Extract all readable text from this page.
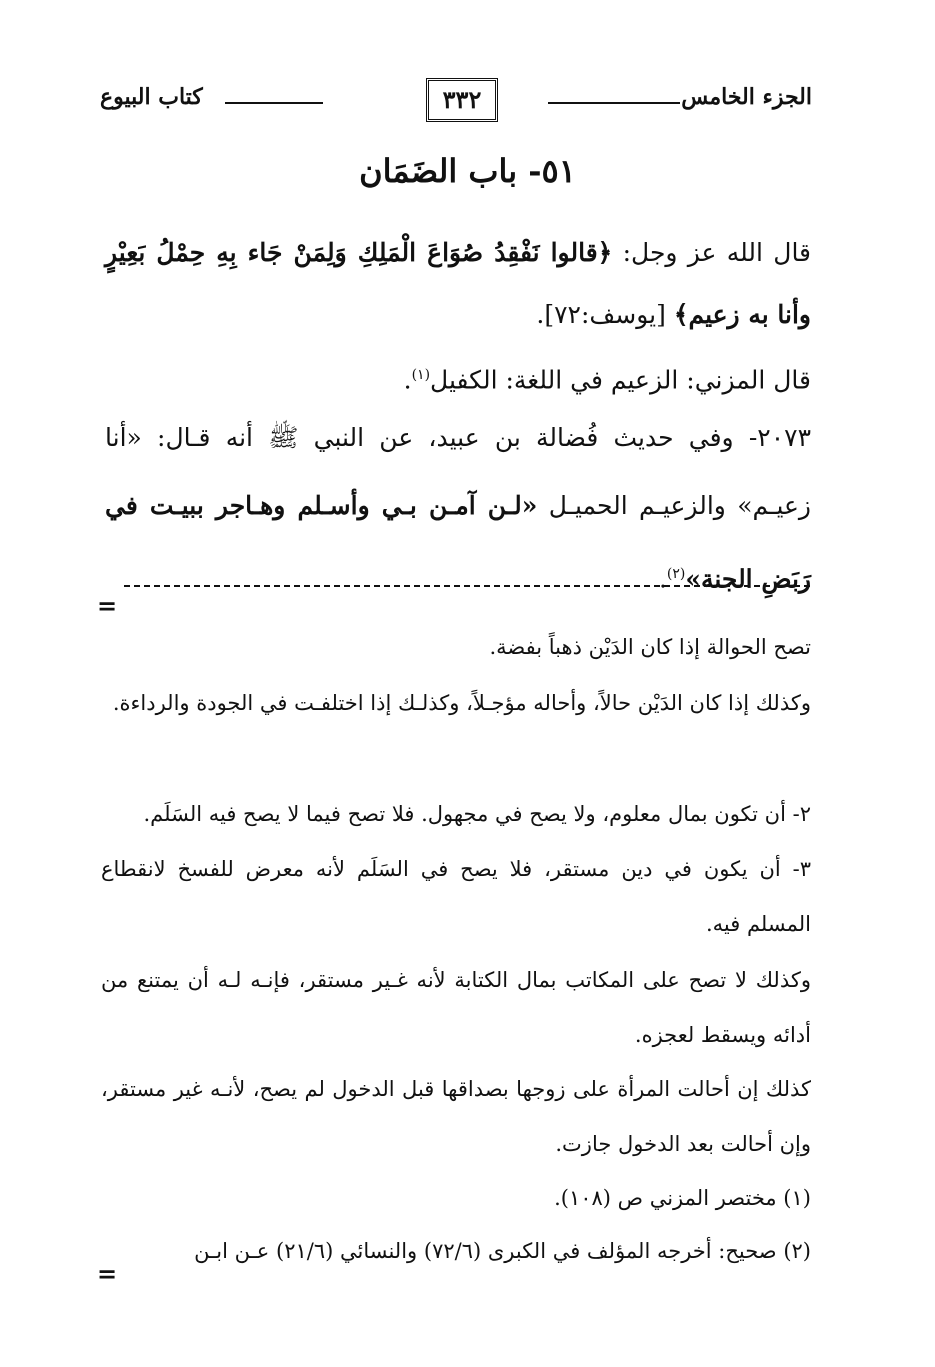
الجزء الخامس
٣٣٢
كتاب البيوع
٥١- باب الضَمَان
قال الله عز وجل: ﴿قالوا نَفْقِدُ صُوَاعَ الْمَلِكِ وَلِمَنْ جَاء بِهِ حِمْلُ بَعِيْرٍ وأنا به زعيم﴾ [يوسف:٧٢].
قال المزني: الزعيم في اللغة: الكفيل$^{(١)}$.
٢٠٧٣- وفي حديث فُضالة بن عبيد، عن النبي ﷺ أنه قـال: «أنا زعيـم» والزعيـم الحميـل «لـن آمـن بـي وأسـلم وهـاجر ببيـت في رَبَضِ الجنة»$^{(٢)}$.
=
تصح الحوالة إذا كان الدَيْن ذهباً بفضة.
وكذلك إذا كان الدَيْن حالاً، وأحاله مؤجـلاً، وكذلـك إذا اختلفـت في الجودة والرداءة.
٢- أن تكون بمال معلوم، ولا يصح في مجهول. فلا تصح فيما لا يصح فيه السَلَم.
٣- أن يكون في دين مستقر، فلا يصح في السَلَم لأنه معرض للفسخ لانقطاع المسلم فيه.
وكذلك لا تصح على المكاتب بمال الكتابة لأنه غـير مستقر، فإنـه لـه أن يمتنع من أدائه ويسقط لعجزه.
كذلك إن أحالت المرأة على زوجها بصداقها قبل الدخول لم يصح، لأنـه غير مستقر، وإن أحالت بعد الدخول جازت.
(١) مختصر المزني ص (١٠٨).
(٢) صحيح: أخرجه المؤلف في الكبرى (٧٢/٦) والنسائي (٢١/٦) عـن ابـن
=
